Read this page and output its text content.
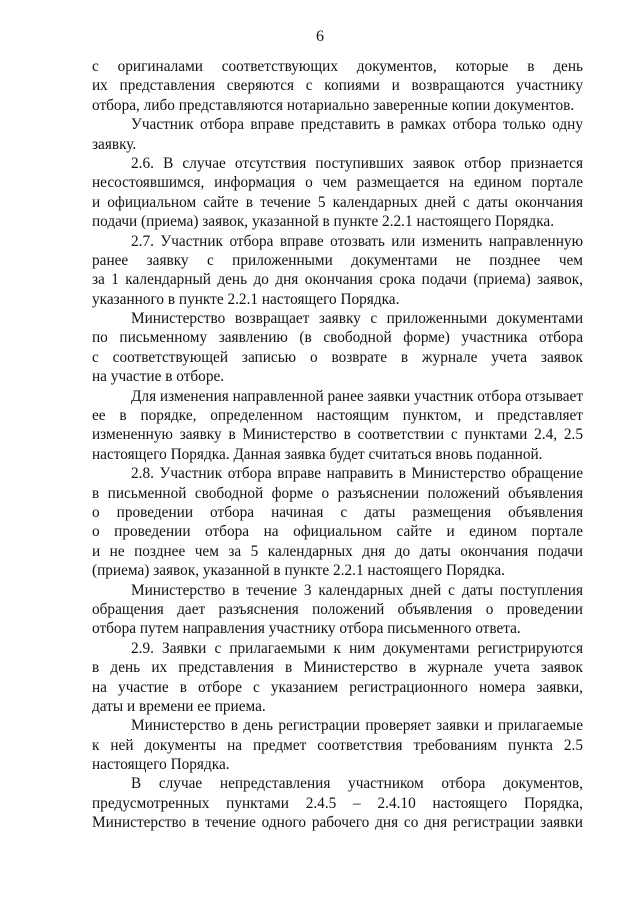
6
с оригиналами соответствующих документов, которые в день
их представления сверяются с копиями и возвращаются участнику
отбора, либо представляются нотариально заверенные копии документов.
Участник отбора вправе представить в рамках отбора только одну
заявку.
2.6. В случае отсутствия поступивших заявок отбор признается
несостоявшимся, информация о чем размещается на едином портале
и официальном сайте в течение 5 календарных дней с даты окончания
подачи (приема) заявок, указанной в пункте 2.2.1 настоящего Порядка.
2.7. Участник отбора вправе отозвать или изменить направленную
ранее заявку с приложенными документами не позднее чем
за 1 календарный день до дня окончания срока подачи (приема) заявок,
указанного в пункте 2.2.1 настоящего Порядка.
Министерство возвращает заявку с приложенными документами
по письменному заявлению (в свободной форме) участника отбора
с соответствующей записью о возврате в журнале учета заявок
на участие в отборе.
Для изменения направленной ранее заявки участник отбора отзывает
ее в порядке, определенном настоящим пунктом, и представляет
измененную заявку в Министерство в соответствии с пунктами 2.4, 2.5
настоящего Порядка. Данная заявка будет считаться вновь поданной.
2.8. Участник отбора вправе направить в Министерство обращение
в письменной свободной форме о разъяснении положений объявления
о проведении отбора начиная с даты размещения объявления
о проведении отбора на официальном сайте и едином портале
и не позднее чем за 5 календарных дня до даты окончания подачи
(приема) заявок, указанной в пункте 2.2.1 настоящего Порядка.
Министерство в течение 3 календарных дней с даты поступления
обращения дает разъяснения положений объявления о проведении
отбора путем направления участнику отбора письменного ответа.
2.9. Заявки с прилагаемыми к ним документами регистрируются
в день их представления в Министерство в журнале учета заявок
на участие в отборе с указанием регистрационного номера заявки,
даты и времени ее приема.
Министерство в день регистрации проверяет заявки и прилагаемые
к ней документы на предмет соответствия требованиям пункта 2.5
настоящего Порядка.
В случае непредставления участником отбора документов,
предусмотренных пунктами 2.4.5 – 2.4.10 настоящего Порядка,
Министерство в течение одного рабочего дня со дня регистрации заявки
